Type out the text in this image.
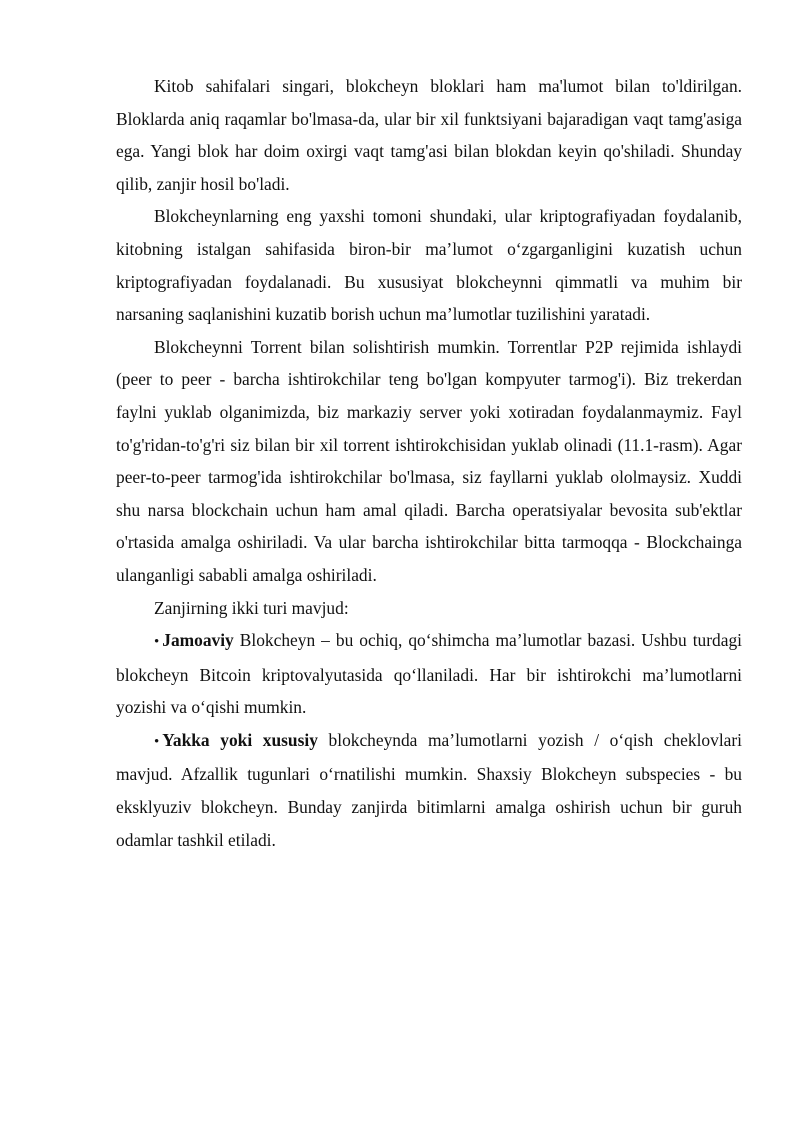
Kitob sahifalari singari, blokcheyn bloklari ham ma'lumot bilan to'ldirilgan. Bloklarda aniq raqamlar bo'lmasa-da, ular bir xil funktsiyani bajaradigan vaqt tamg'asiga ega. Yangi blok har doim oxirgi vaqt tamg'asi bilan blokdan keyin qo'shiladi. Shunday qilib, zanjir hosil bo'ladi.

Blokcheynlarning eng yaxshi tomoni shundaki, ular kriptografiyadan foydalanib, kitobning istalgan sahifasida biron-bir ma’lumot o‘zgarganligini kuzatish uchun kriptografiyadan foydalanadi. Bu xususiyat blokcheynni qimmatli va muhim bir narsaning saqlanishini kuzatib borish uchun ma’lumotlar tuzilishini yaratadi.

Blokcheynni Torrent bilan solishtirish mumkin. Torrentlar P2P rejimida ishlaydi (peer to peer - barcha ishtirokchilar teng bo'lgan kompyuter tarmog'i). Biz trekerdan faylni yuklab olganimizda, biz markaziy server yoki xotiradan foydalanmaymiz. Fayl to'g'ridan-to'g'ri siz bilan bir xil torrent ishtirokchisidan yuklab olinadi (11.1-rasm). Agar peer-to-peer tarmog'ida ishtirokchilar bo'lmasa, siz fayllarni yuklab ololmaysiz. Xuddi shu narsa blockchain uchun ham amal qiladi. Barcha operatsiyalar bevosita sub'ektlar o'rtasida amalga oshiriladi. Va ular barcha ishtirokchilar bitta tarmoqqa - Blockchainga ulanganligi sababli amalga oshiriladi.

Zanjirning ikki turi mavjud:

• Jamoaviy Blokcheyn – bu ochiq, qo‘shimcha ma’lumotlar bazasi. Ushbu turdagi blokcheyn Bitcoin kriptovalyutasida qo‘llaniladi. Har bir ishtirokchi ma’lumotlarni yozishi va o‘qishi mumkin.

• Yakka yoki xususiy blokcheynda ma’lumotlarni yozish / o‘qish cheklovlari mavjud. Afzallik tugunlari o‘rnatilishi mumkin. Shaxsiy Blokcheyn subspecies - bu eksklyuziv blokcheyn. Bunday zanjirda bitimlarni amalga oshirish uchun bir guruh odamlar tashkil etiladi.
